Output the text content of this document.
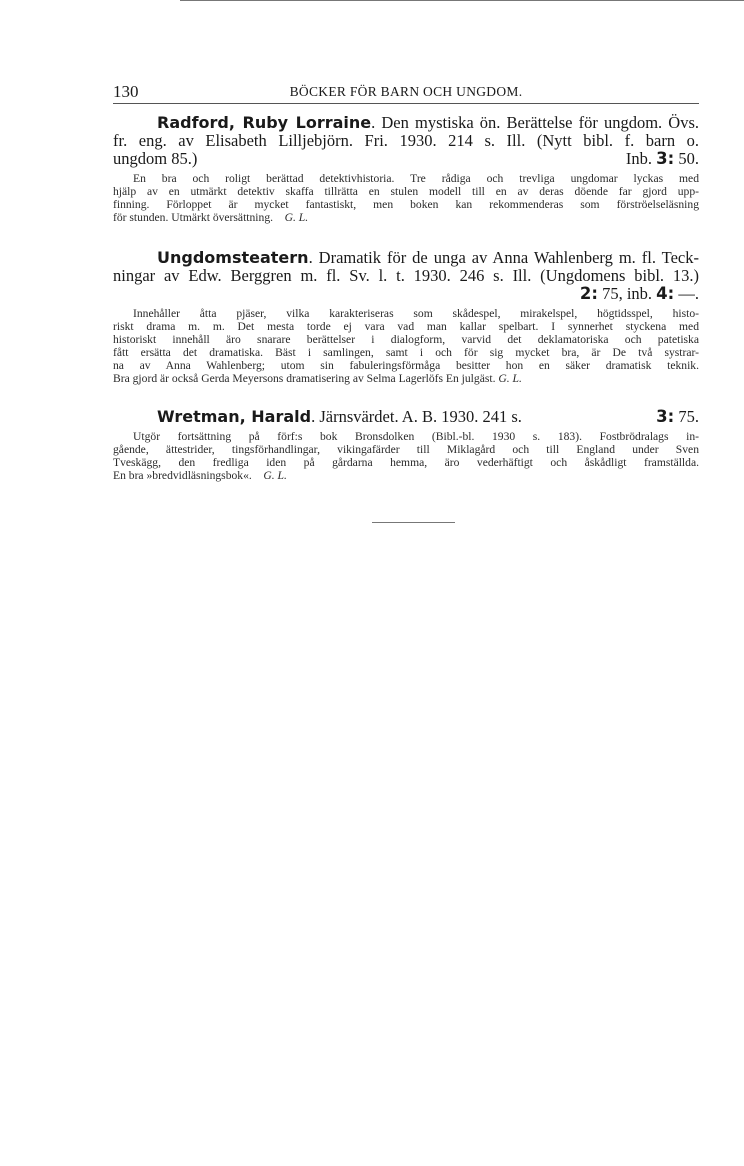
130	BÖCKER FÖR BARN OCH UNGDOM.
Radford, Ruby Lorraine. Den mystiska ön. Berättelse för ungdom. Övs.
fr. eng. av Elisabeth Lilljebjörn. Fri. 1930. 214 s. Ill. (Nytt bibl. f. barn o.
ungdom 85.)	Inb. 3: 50.
En bra och roligt berättad detektivhistoria. Tre rådiga och trevliga ungdomar lyckas med
hjälp av en utmärkt detektiv skaffa tillrätta en stulen modell till en av deras döende far gjord upp-
finning. Förloppet är mycket fantastiskt, men boken kan rekommenderas som förströelseläsning
för stunden. Utmärkt översättning. G. L.
Ungdomsteatern. Dramatik för de unga av Anna Wahlenberg m. fl. Teck-
ningar av Edw. Berggren m. fl. Sv. l. t. 1930. 246 s. Ill. (Ungdomens bibl. 13.)
2: 75, inb. 4: —.
Innehåller åtta pjäser, vilka karakteriseras som skådespel, mirakelspel, högtidsspel, histo-
riskt drama m. m. Det mesta torde ej vara vad man kallar spelbart. I synnerhet styckena med
historiskt innehåll äro snarare berättelser i dialogform, varvid det deklamatoriska och patetiska
fått ersätta det dramatiska. Bäst i samlingen, samt i och för sig mycket bra, är De två systrar-
na av Anna Wahlenberg; utom sin fabuleringsförmåga besitter hon en säker dramatisk teknik.
Bra gjord är också Gerda Meyersons dramatisering av Selma Lagerlöfs En julgäst. G. L.
Wretman, Harald. Järnsvärdet. A. B. 1930. 241 s.	3: 75.
Utgör fortsättning på förf:s bok Bronsdolken (Bibl.-bl. 1930 s. 183). Fostbrödralags in-
gående, ättestrider, tingsförhandlingar, vikingafärder till Miklagård och till England under Sven
Tveskägg, den fredliga iden på gårdarna hemma, äro vederhäftigt och åskådligt framställda.
En bra »bredvidläsningsbok«. G. L.
